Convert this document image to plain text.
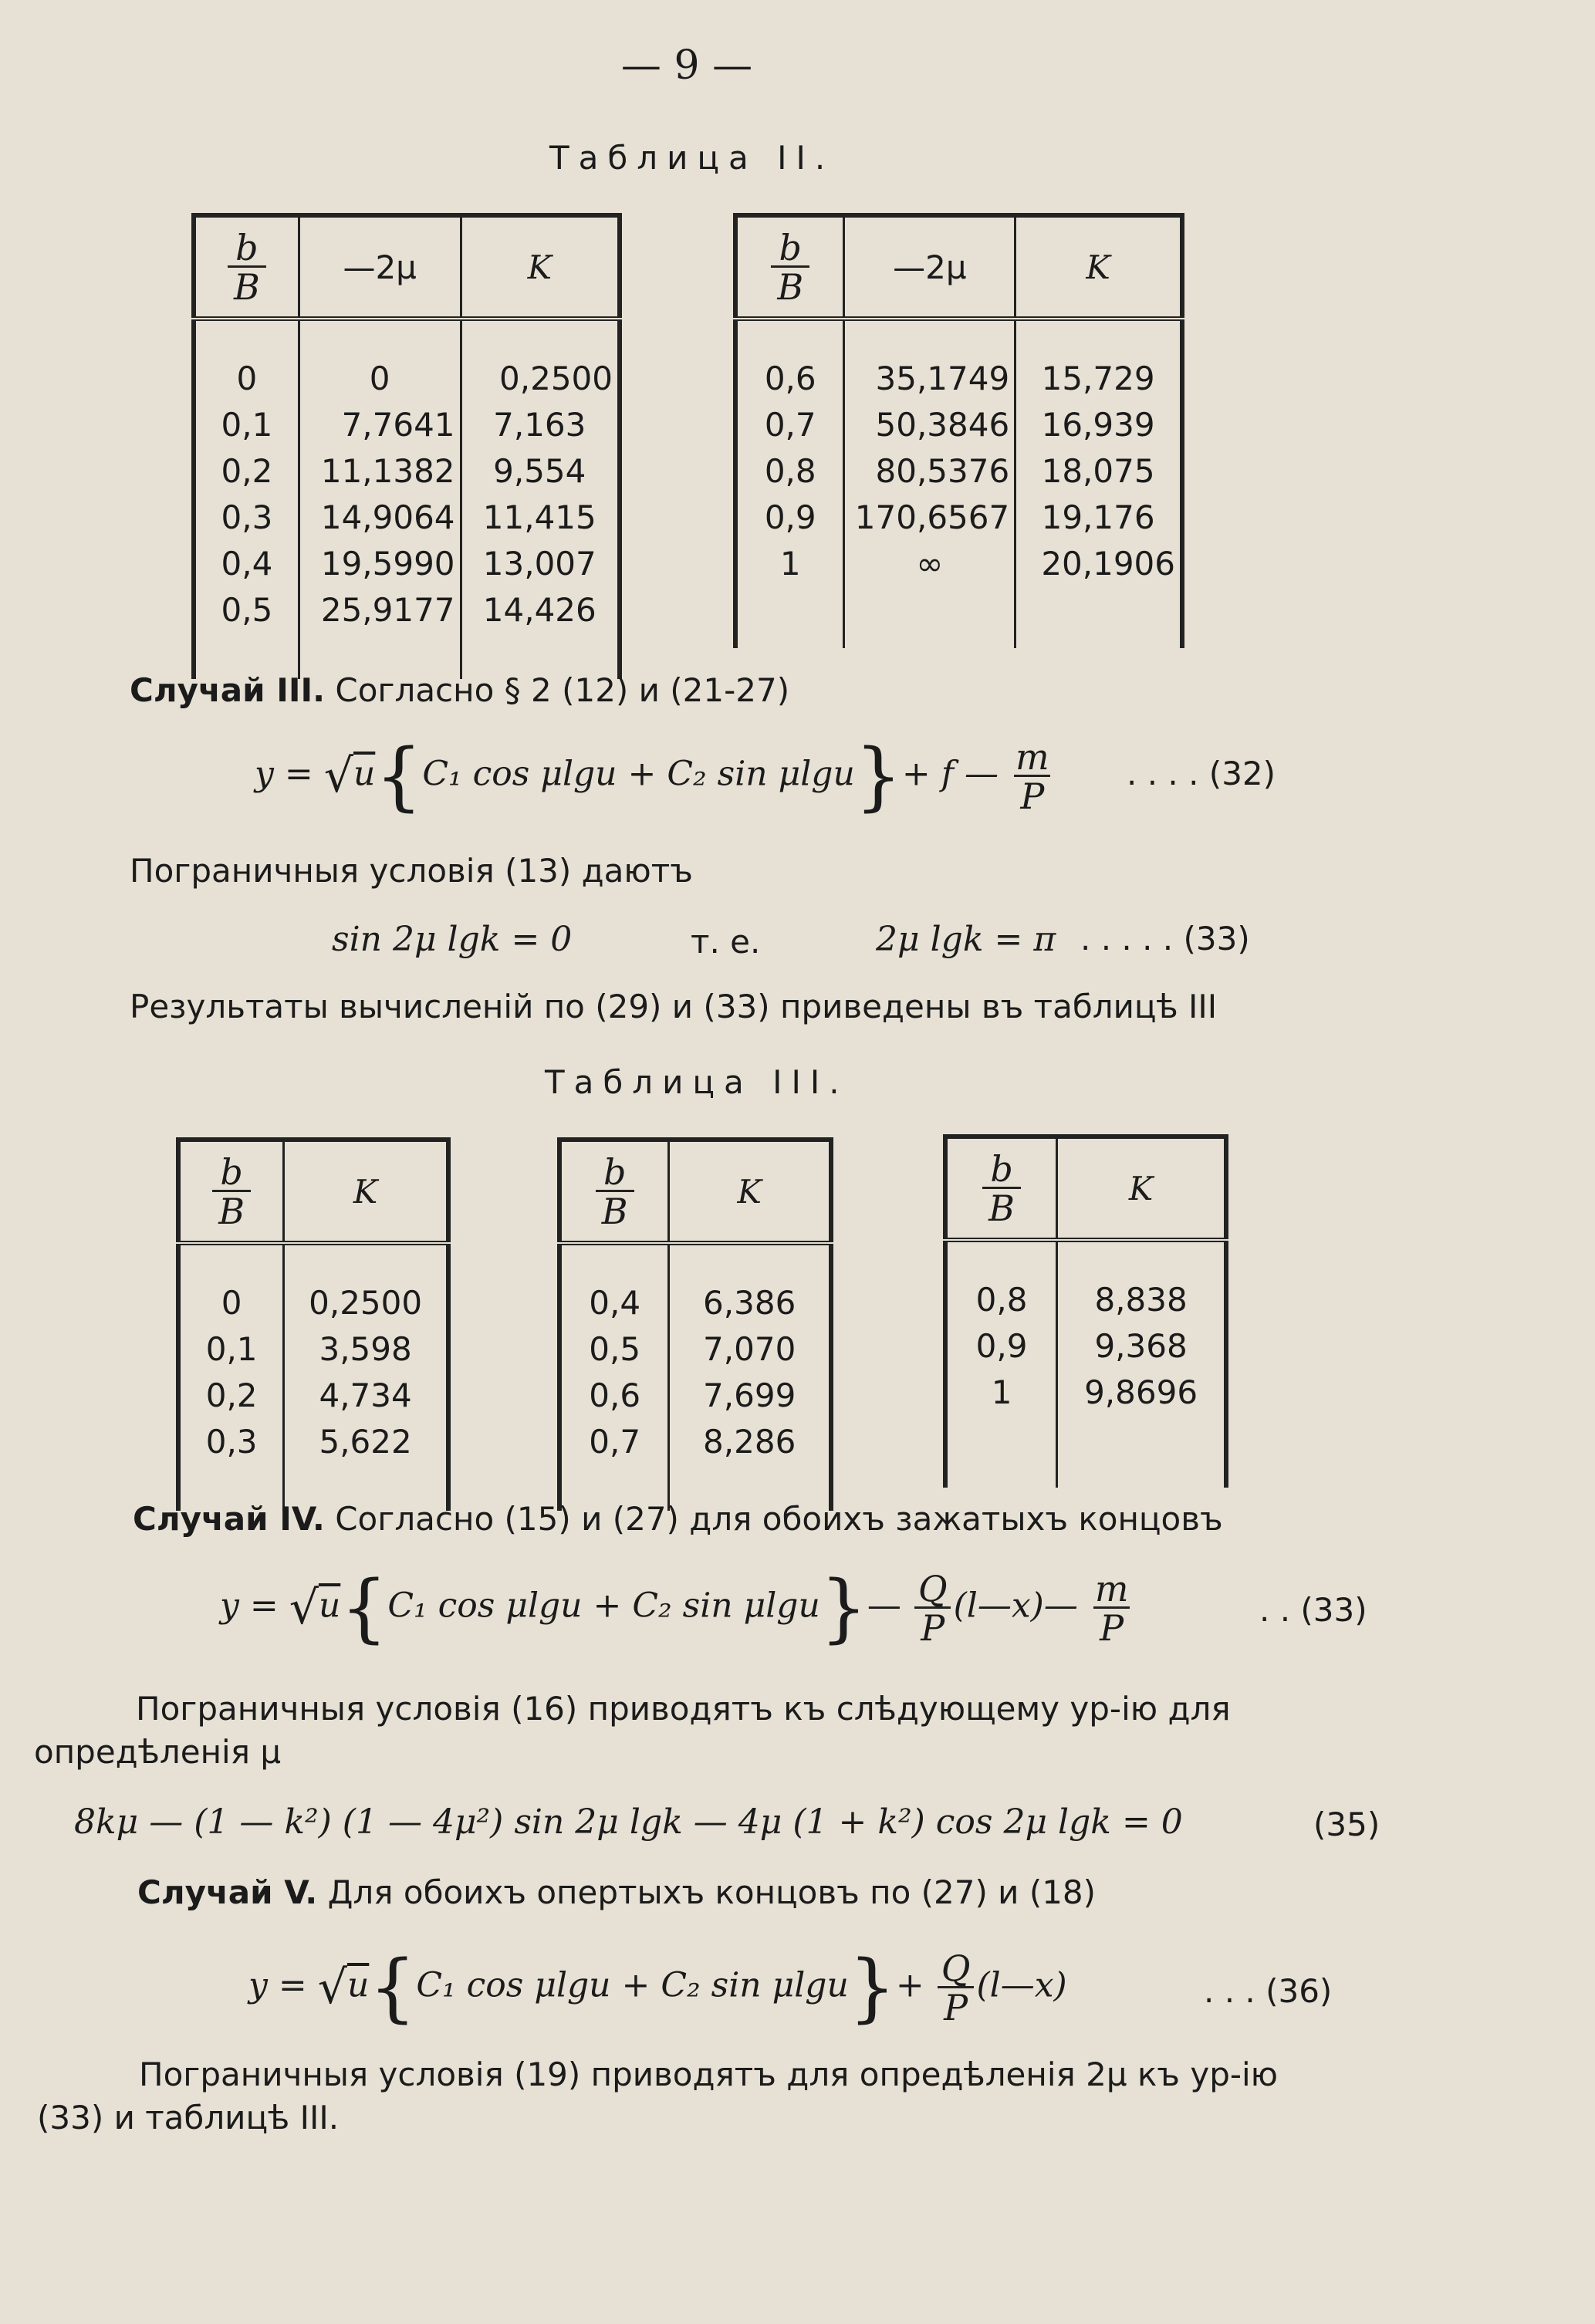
— 9 —
Таблица II.
$\frac{b}{B}$	—2μ	K

0	0	0,2500
0,1	7,7641	7,163
0,2	11,1382	9,554
0,3	14,9064	11,415
0,4	19,5990	13,007
0,5	25,9177	14,426

$\frac{b}{B}$	—2μ	K

0,6	35,1749	15,729
0,7	50,3846	16,939
0,8	80,5376	18,075
0,9	170,6567	19,176
1	∞	20,1906

Случай III. Согласно § 2 (12) и (21-27)
y = √u{C₁ cos μlgu + C₂ sin μlgu}+ f — $\frac{m}{P}$ . . . . (32)
Пограничныя условія (13) даютъ
sin 2μ lgk = 0	т. е.	2μ lgk = π . . . . . (33)
Результаты вычисленій по (29) и (33) приведены въ таблицѣ III
Таблица III.
$\frac{b}{B}$	K

0	0,2500
0,1	3,598
0,2	4,734
0,3	5,622

$\frac{b}{B}$	K

0,4	6,386
0,5	7,070
0,6	7,699
0,7	8,286

$\frac{b}{B}$	K

0,8	8,838
0,9	9,368
1	9,8696

Случай IV. Согласно (15) и (27) для обоихъ зажатыхъ концовъ
y = √u{C₁ cos μlgu + C₂ sin μlgu}— $\frac{Q}{P}$ (l—x)— $\frac{m}{P}$	. . (33)
Пограничныя условія (16) приводятъ къ слѣдующему ур-ію для
опредѣленія μ
8kμ — (1 — k²) (1 — 4μ²) sin 2μ lgk — 4μ (1 + k²) cos 2μ lgk = 0	(35)
Случай V. Для обоихъ опертыхъ концовъ по (27) и (18)
y = √u{C₁ cos μlgu + C₂ $\sin \mu\lg u\}+ \frac{Q}{P}$ (l—x)	. . . (36)
Пограничныя условія (19) приводятъ для опредѣленія 2μ къ ур-ію
(33) и таблицѣ III.
